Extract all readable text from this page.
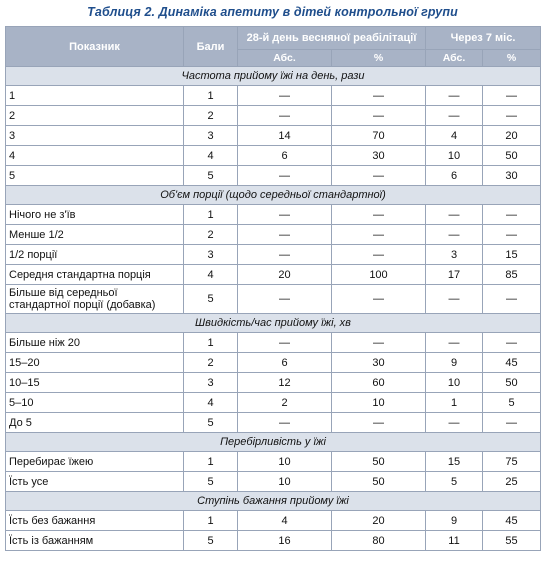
Таблиця 2. Динаміка апетиту в дітей контрольної групи
Показник	Бали	28-й день весняної реабілітації		Через 7 міс.	
		Абс.	%	Абс.	%
Частота прийому їжі на день, рази					
1	1	—	—	—	—
2	2	—	—	—	—
3	3	14	70	4	20
4	4	6	30	10	50
5	5	—	—	6	30
Об'єм порції (щодо середньої стандартної)					
Нічого не з'їв	1	—	—	—	—
Менше 1/2	2	—	—	—	—
1/2 порції	3	—	—	3	15
Середня стандартна порція	4	20	100	17	85
Більше від середньої стандартної порції (добавка)	5	—	—	—	—
Швидкість/час прийому їжі, хв					
Більше ніж 20	1	—	—	—	—
15–20	2	6	30	9	45
10–15	3	12	60	10	50
5–10	4	2	10	1	5
До 5	5	—	—	—	—
Перебірливість у їжі					
Перебирає їжею	1	10	50	15	75
Їсть усе	5	10	50	5	25
Ступінь бажання прийому їжі					
Їсть без бажання	1	4	20	9	45
Їсть із бажанням	5	16	80	11	55
